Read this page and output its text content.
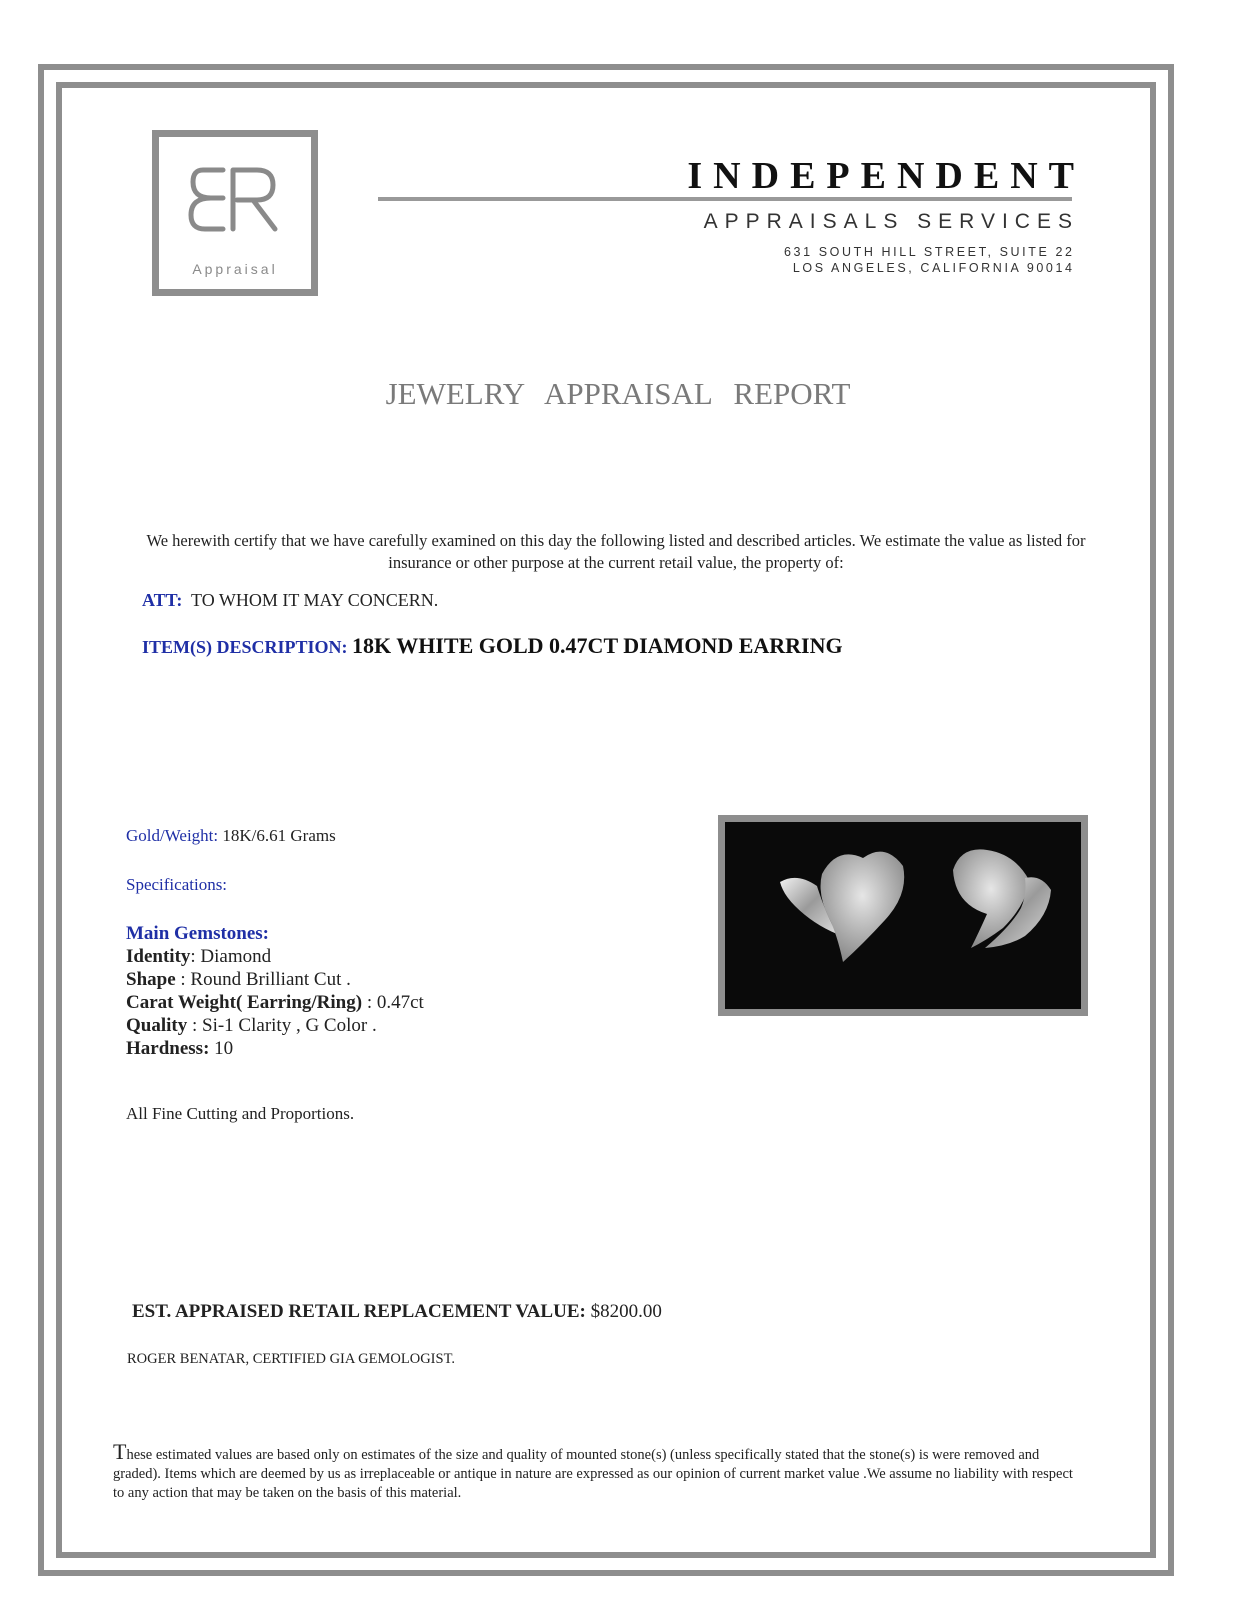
Appraisal
INDEPENDENT
APPRAISALS SERVICES
631 SOUTH HILL STREET, SUITE 22
LOS ANGELES, CALIFORNIA 90014
JEWELRY APPRAISAL REPORT
We herewith certify that we have carefully examined on this day the following listed and described articles. We estimate the value as listed for insurance or other purpose at the current retail value, the property of:
ATT: TO WHOM IT MAY CONCERN.
ITEM(S) DESCRIPTION: 18K WHITE GOLD 0.47CT DIAMOND EARRING
Gold/Weight: 18K/6.61 Grams
Specifications:
Main Gemstones:
Identity: Diamond
Shape : Round Brilliant Cut .
Carat Weight( Earring/Ring) : 0.47ct
Quality : Si-1 Clarity , G Color .
Hardness: 10
All Fine Cutting and Proportions.
EST. APPRAISED RETAIL REPLACEMENT VALUE: $8200.00
ROGER BENATAR, CERTIFIED GIA GEMOLOGIST.
These estimated values are based only on estimates of the size and quality of mounted stone(s) (unless specifically stated that the stone(s) is were removed and graded). Items which are deemed by us as irreplaceable or antique in nature are expressed as our opinion of current market value .We assume no liability with respect to any action that may be taken on the basis of this material.
